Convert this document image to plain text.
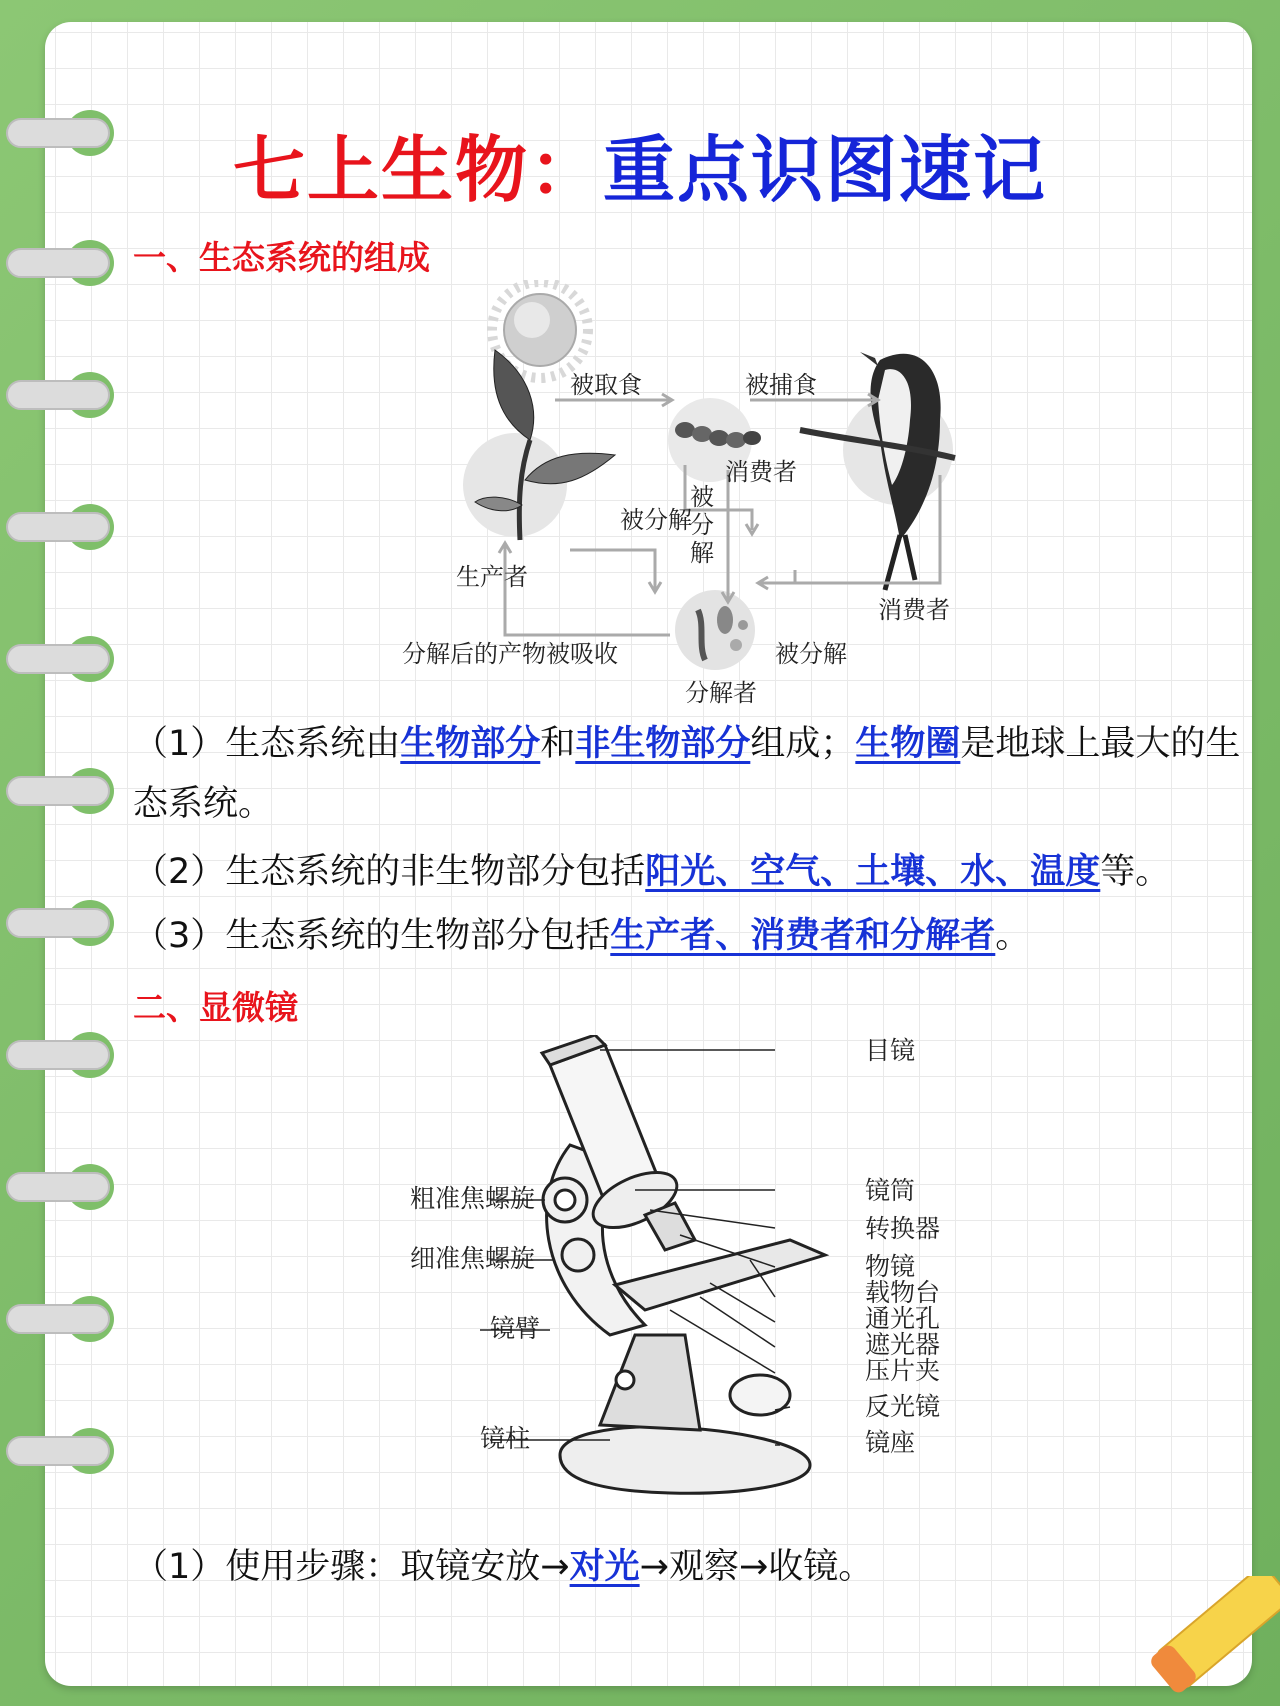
七上生物：重点识图速记
一、生态系统的组成
被取食	被捕食
消费者
被
分
解
被分解
生产者
消费者
分解后的产物被吸收	被分解
分解者
（1）生态系统由生物部分和非生物部分组成；生物圈是地球上最大的生态系统。
（2）生态系统的非生物部分包括阳光、空气、土壤、水、温度等。
（3）生态系统的生物部分包括生产者、消费者和分解者。
二、显微镜
目镜
粗准焦螺旋	镜筒
转换器
细准焦螺旋	物镜
载物台
镜臂	通光孔
遮光器
压片夹
反光镜
镜柱	镜座
（1）使用步骤：取镜安放→对光→观察→收镜。
